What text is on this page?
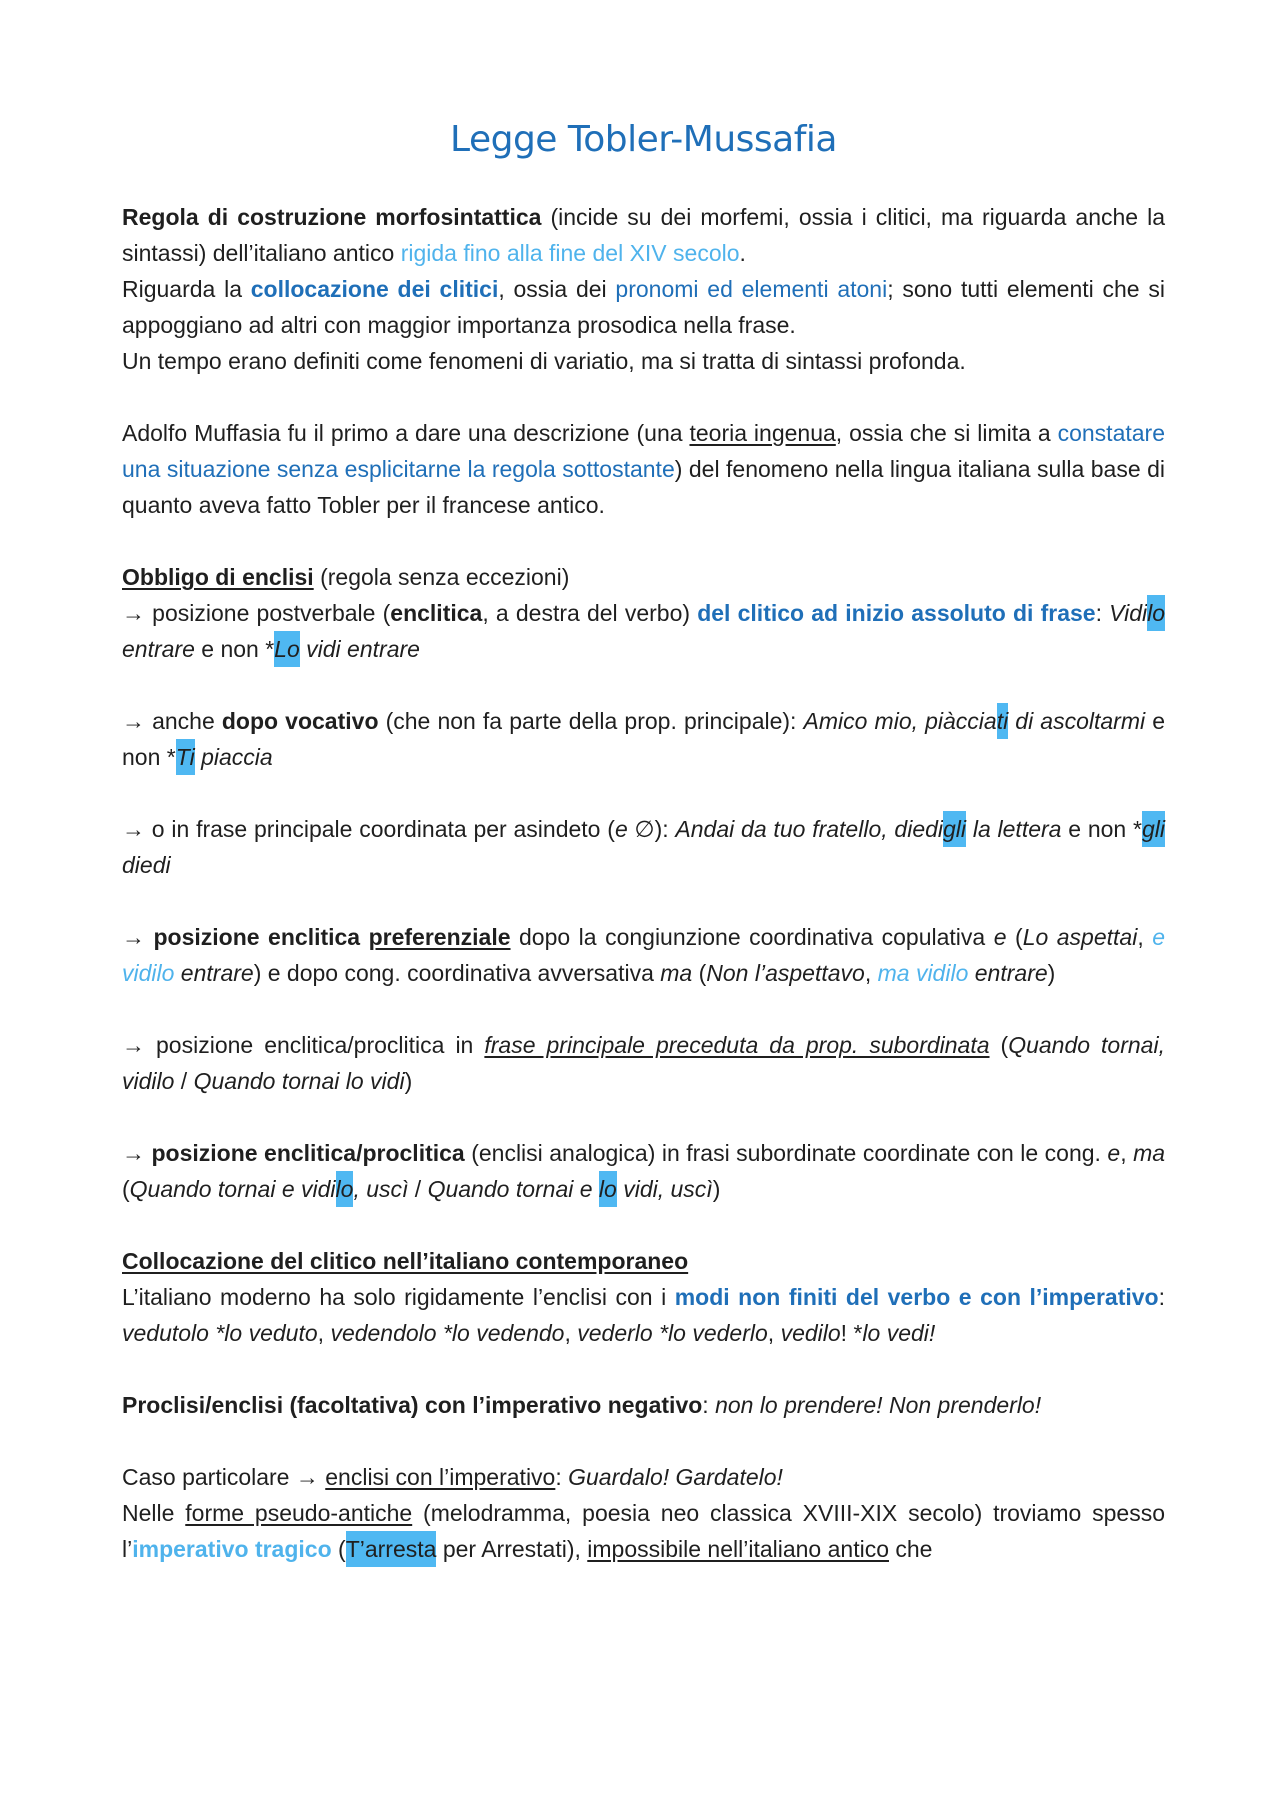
Legge Tobler-Mussafia

Regola di costruzione morfosintattica (incide su dei morfemi, ossia i clitici, ma riguarda anche la sintassi) dell’italiano antico rigida fino alla fine del XIV secolo.
Riguarda la collocazione dei clitici, ossia dei pronomi ed elementi atoni; sono tutti elementi che si appoggiano ad altri con maggior importanza prosodica nella frase.
Un tempo erano definiti come fenomeni di variatio, ma si tratta di sintassi profonda.

Adolfo Muffasia fu il primo a dare una descrizione (una teoria ingenua, ossia che si limita a constatare una situazione senza esplicitarne la regola sottostante) del fenomeno nella lingua italiana sulla base di quanto aveva fatto Tobler per il francese antico.

Obbligo di enclisi (regola senza eccezioni)
→ posizione postverbale (enclitica, a destra del verbo) del clitico ad inizio assoluto di frase: Vidilo entrare e non *Lo vidi entrare

→ anche dopo vocativo (che non fa parte della prop. principale): Amico mio, piàcciati di ascoltarmi e non *Ti piaccia

→ o in frase principale coordinata per asindeto (e ∅): Andai da tuo fratello, diedigli la lettera e non *gli diedi

→ posizione enclitica preferenziale dopo la congiunzione coordinativa copulativa e (Lo aspettai, e vidilo entrare) e dopo cong. coordinativa avversativa ma (Non l’aspettavo, ma vidilo entrare)

→ posizione enclitica/proclitica in frase principale preceduta da prop. subordinata (Quando tornai, vidilo / Quando tornai lo vidi)

→ posizione enclitica/proclitica (enclisi analogica) in frasi subordinate coordinate con le cong. e, ma (Quando tornai e vidilo, uscì / Quando tornai e lo vidi, uscì)

Collocazione del clitico nell’italiano contemporaneo
L’italiano moderno ha solo rigidamente l’enclisi con i modi non finiti del verbo e con l’imperativo: vedutolo *lo veduto, vedendolo *lo vedendo, vederlo *lo vederlo, vedilo! *lo vedi!

Proclisi/enclisi (facoltativa) con l’imperativo negativo: non lo prendere! Non prenderlo!

Caso particolare → enclisi con l’imperativo: Guardalo! Gardatelo!
Nelle forme pseudo-antiche (melodramma, poesia neo classica XVIII-XIX secolo) troviamo spesso l’imperativo tragico (T’arresta per Arrestati), impossibile nell’italiano antico che
